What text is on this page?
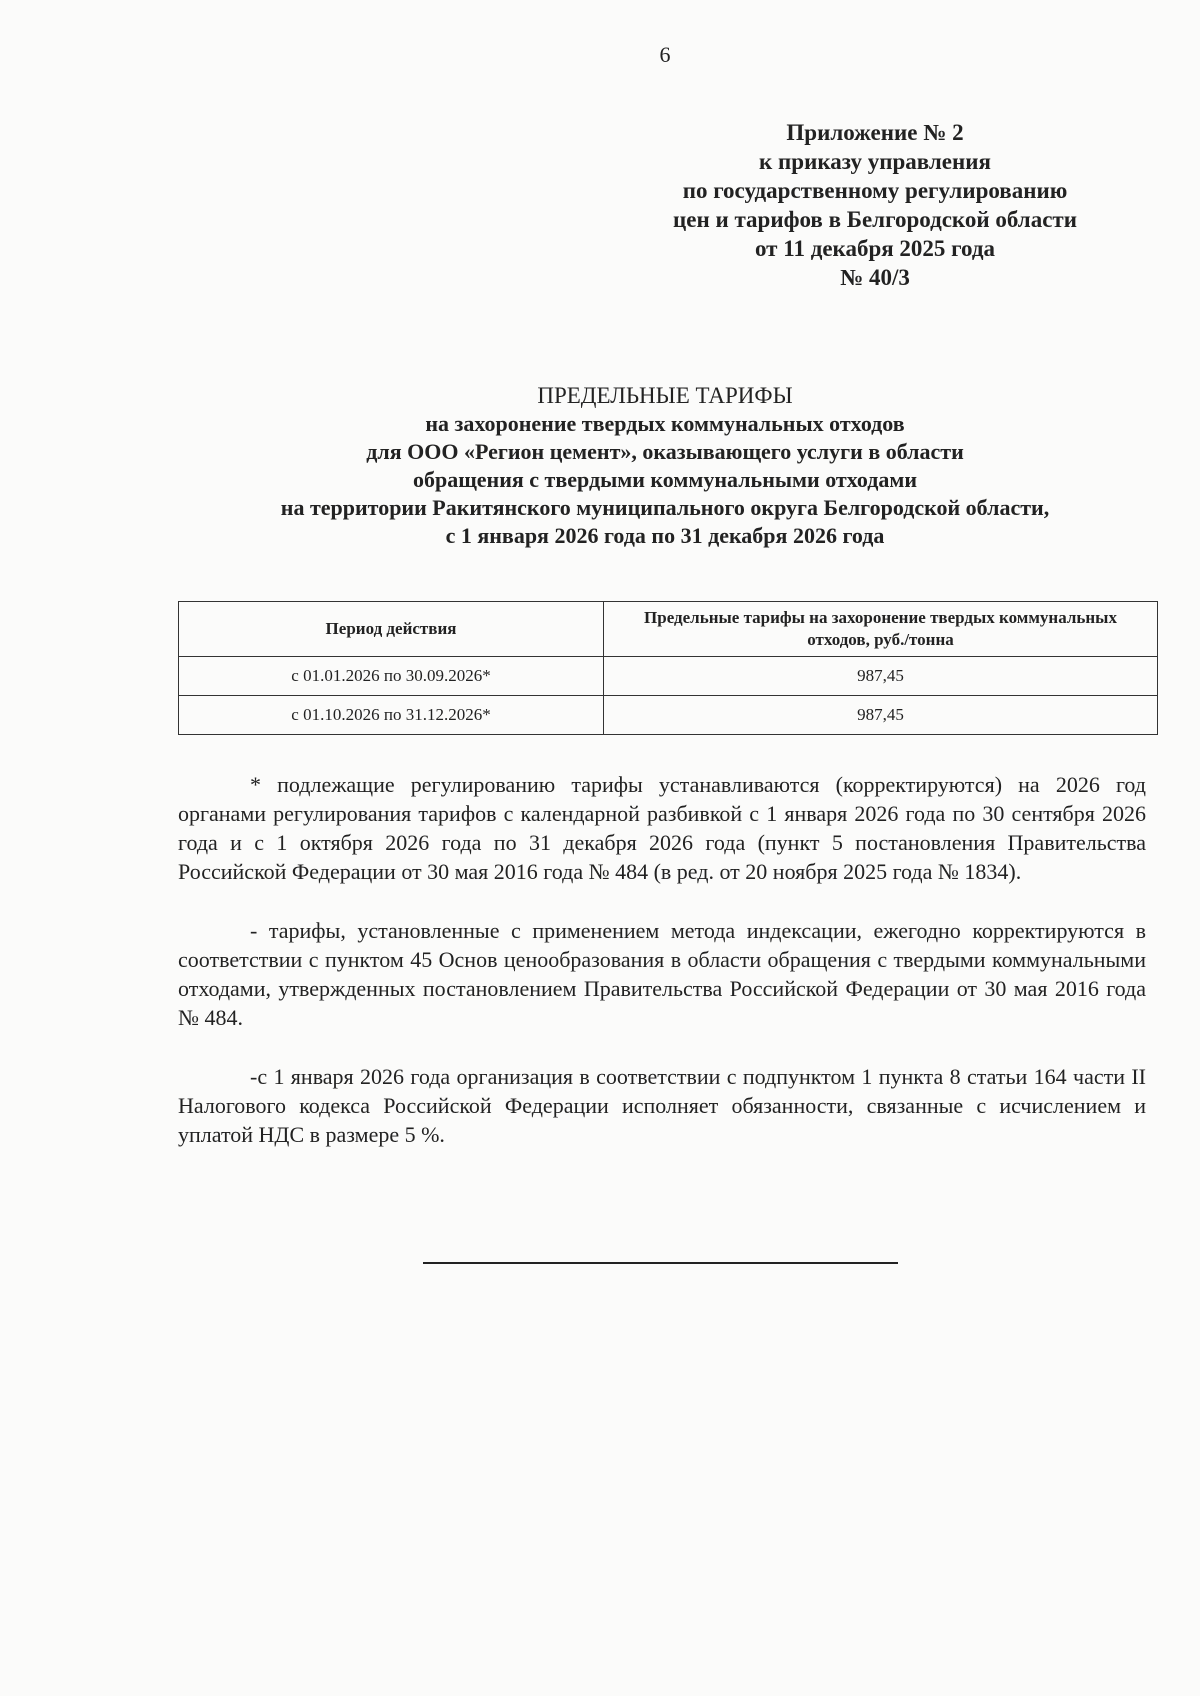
6
Приложение № 2
к приказу управления
по государственному регулированию
цен и тарифов в Белгородской области
от 11 декабря 2025 года
№ 40/3
ПРЕДЕЛЬНЫЕ ТАРИФЫ
на захоронение твердых коммунальных отходов
для ООО «Регион цемент», оказывающего услуги в области
обращения с твердыми коммунальными отходами
на территории Ракитянского муниципального округа Белгородской области,
с 1 января 2026 года по 31 декабря 2026 года
Период действия	Предельные тарифы на захоронение твердых коммунальных отходов, руб./тонна
с 01.01.2026 по 30.09.2026*	987,45
с 01.10.2026 по 31.12.2026*	987,45

* подлежащие регулированию тарифы устанавливаются (корректируются) на 2026 год органами регулирования тарифов с календарной разбивкой с 1 января 2026 года по 30 сентября 2026 года и с 1 октября 2026 года по 31 декабря 2026 года (пункт 5 постановления Правительства Российской Федерации от 30 мая 2016 года № 484 (в ред. от 20 ноября 2025 года № 1834).

- тарифы, установленные с применением метода индексации, ежегодно корректируются в соответствии с пунктом 45 Основ ценообразования в области обращения с твердыми коммунальными отходами, утвержденных постановлением Правительства Российской Федерации от 30 мая 2016 года № 484.

-с 1 января 2026 года организация в соответствии с подпунктом 1 пункта 8 статьи 164 части II Налогового кодекса Российской Федерации исполняет обязанности, связанные с исчислением и уплатой НДС в размере 5 %.
